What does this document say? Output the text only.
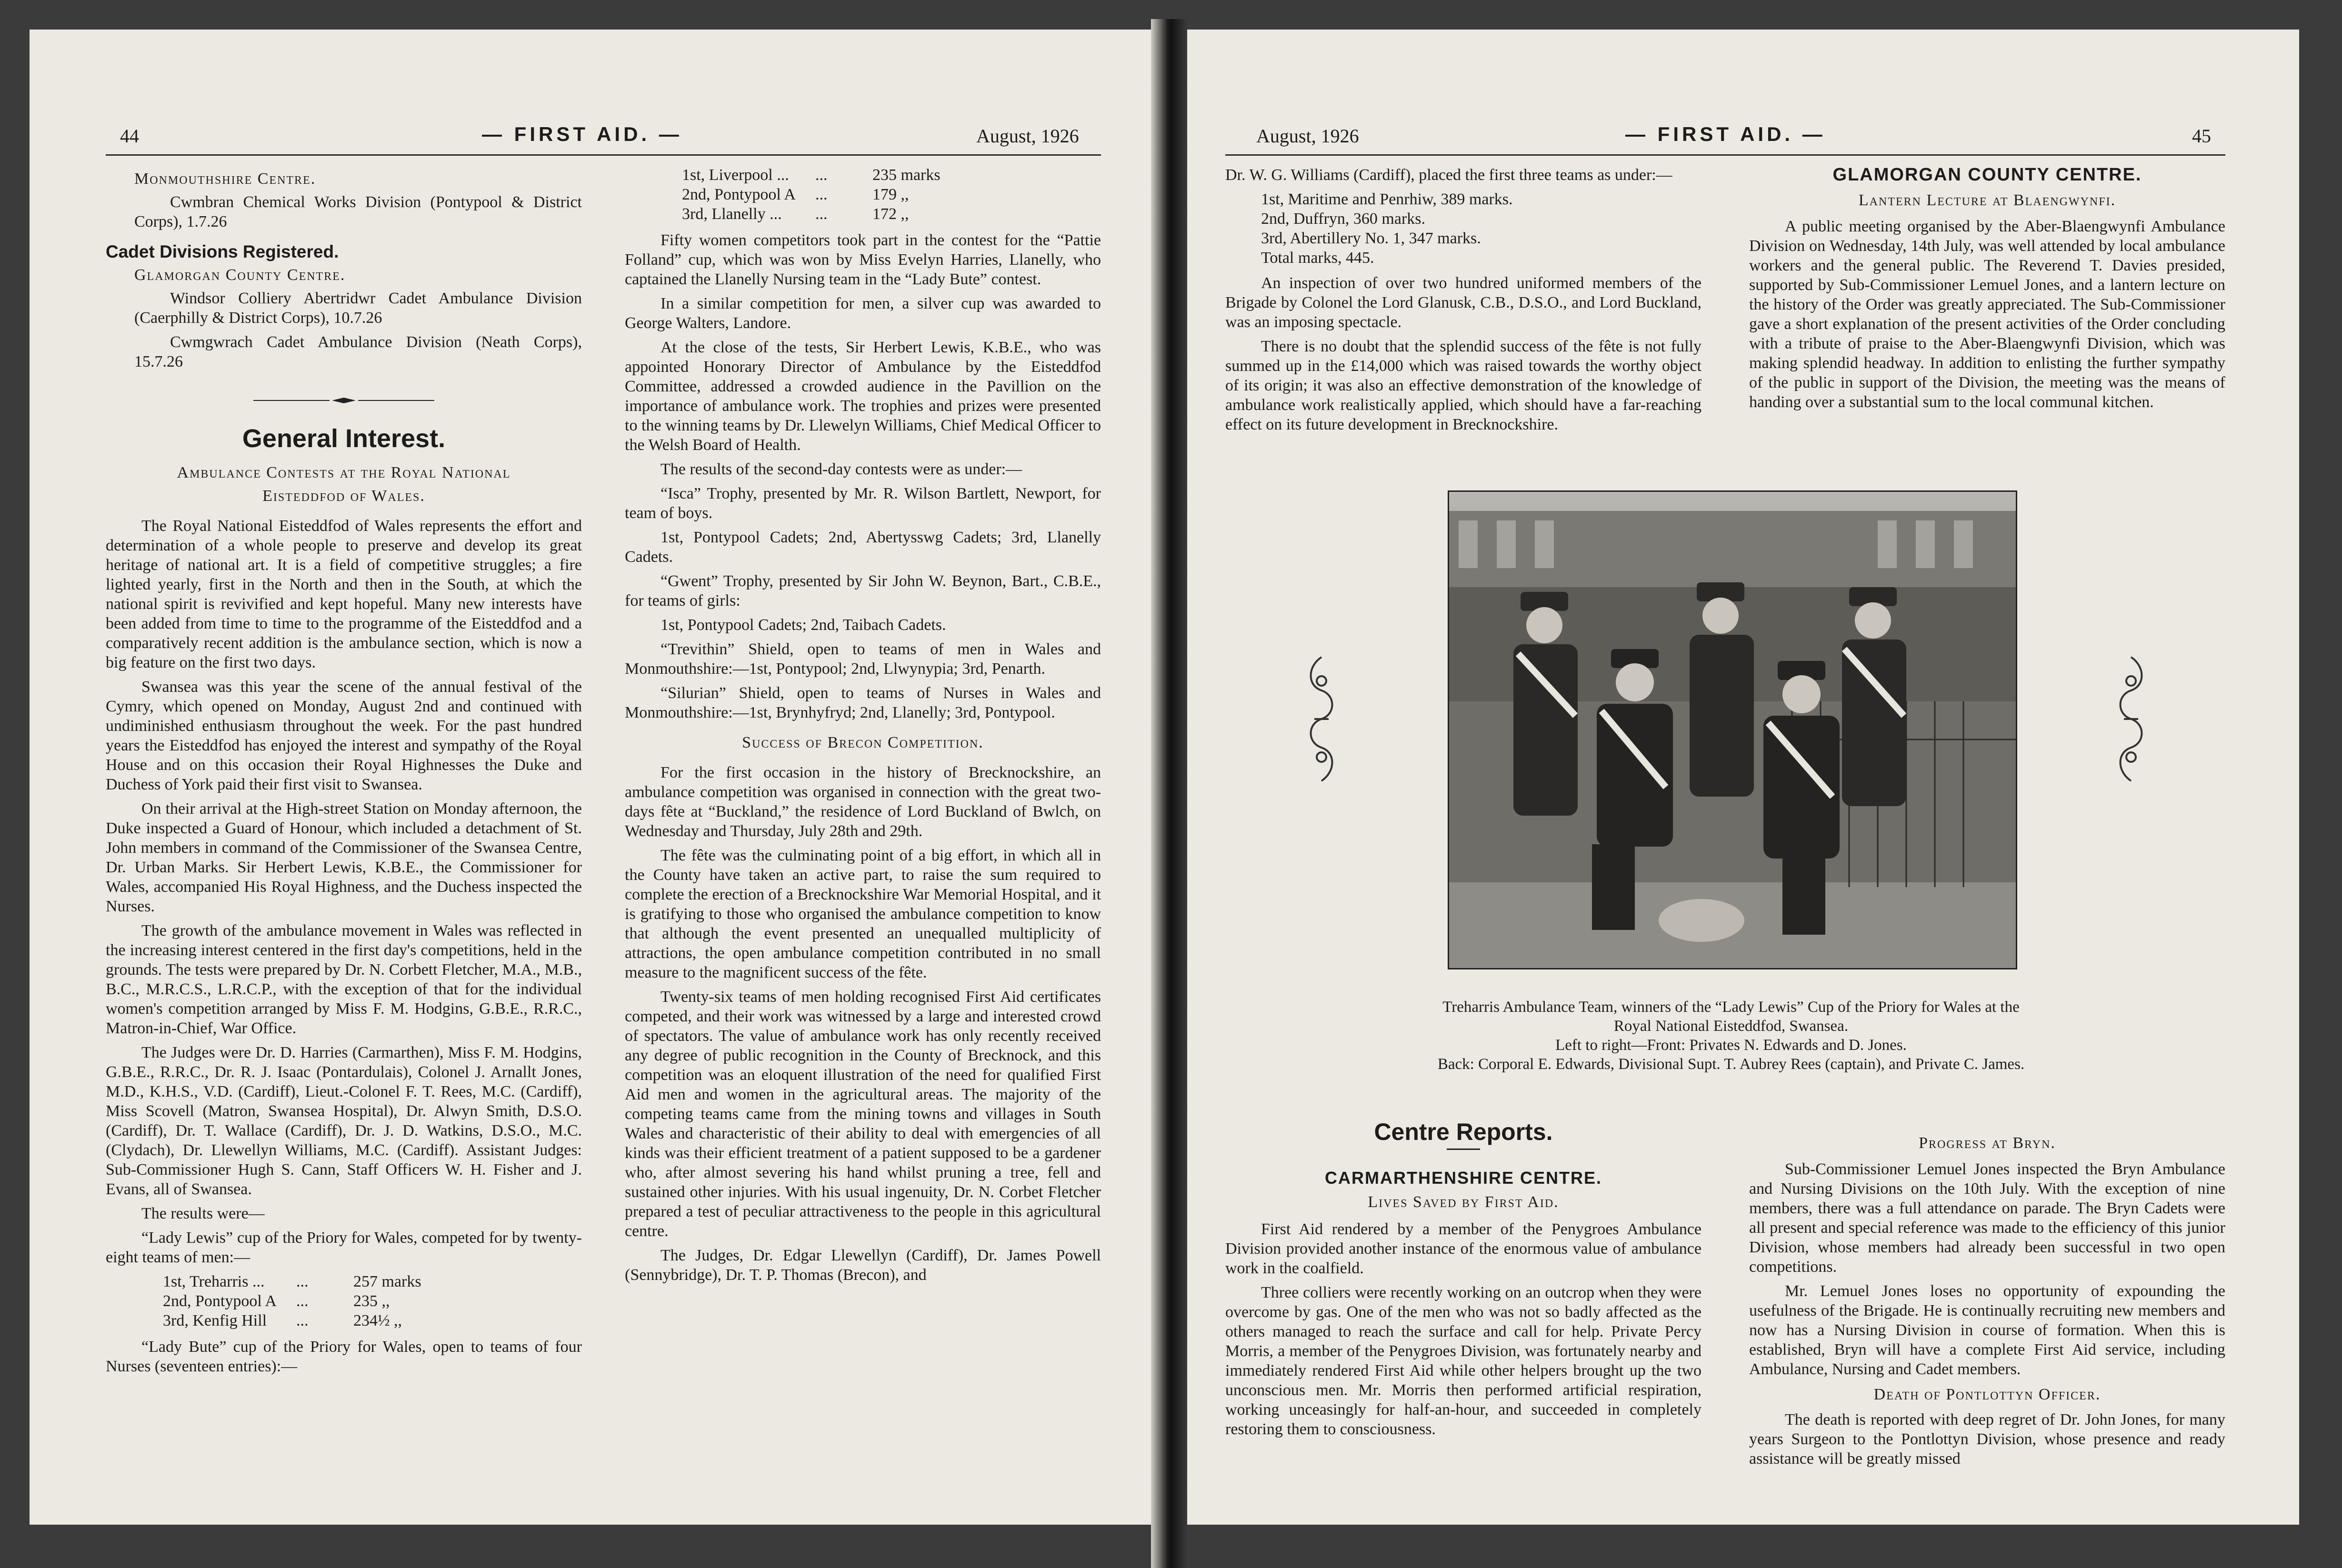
44	— FIRST AID. —	August, 1926
Monmouthshire Centre.

Cwmbran Chemical Works Division (Pontypool & District Corps), 1.7.26

Cadet Divisions Registered.
Glamorgan County Centre.

Windsor Colliery Abertridwr Cadet Ambulance Division (Caerphilly & District Corps), 10.7.26

Cwmgwrach Cadet Ambulance Division (Neath Corps), 15.7.26

General Interest.
Ambulance Contests at the Royal National
Eisteddfod of Wales.

The Royal National Eisteddfod of Wales represents the effort and determination of a whole people to preserve and develop its great heritage of national art. It is a field of competitive struggles; a fire lighted yearly, first in the North and then in the South, at which the national spirit is revivified and kept hopeful. Many new interests have been added from time to time to the programme of the Eisteddfod and a comparatively recent addition is the ambulance section, which is now a big feature on the first two days.

Swansea was this year the scene of the annual festival of the Cymry, which opened on Monday, August 2nd and continued with undiminished enthusiasm throughout the week. For the past hundred years the Eisteddfod has enjoyed the interest and sympathy of the Royal House and on this occasion their Royal Highnesses the Duke and Duchess of York paid their first visit to Swansea.

On their arrival at the High-street Station on Monday afternoon, the Duke inspected a Guard of Honour, which included a detachment of St. John members in command of the Commissioner of the Swansea Centre, Dr. Urban Marks. Sir Herbert Lewis, K.B.E., the Commissioner for Wales, accompanied His Royal Highness, and the Duchess inspected the Nurses.

The growth of the ambulance movement in Wales was reflected in the increasing interest centered in the first day's competitions, held in the grounds. The tests were prepared by Dr. N. Corbett Fletcher, M.A., M.B., B.C., M.R.C.S., L.R.C.P., with the exception of that for the individual women's competition arranged by Miss F. M. Hodgins, G.B.E., R.R.C., Matron-in-Chief, War Office.

The Judges were Dr. D. Harries (Carmarthen), Miss F. M. Hodgins, G.B.E., R.R.C., Dr. R. J. Isaac (Pontardulais), Colonel J. Arnallt Jones, M.D., K.H.S., V.D. (Cardiff), Lieut.-Colonel F. T. Rees, M.C. (Cardiff), Miss Scovell (Matron, Swansea Hospital), Dr. Alwyn Smith, D.S.O. (Cardiff), Dr. T. Wallace (Cardiff), Dr. J. D. Watkins, D.S.O., M.C. (Clydach), Dr. Llewellyn Williams, M.C. (Cardiff). Assistant Judges: Sub-Commissioner Hugh S. Cann, Staff Officers W. H. Fisher and J. Evans, all of Swansea.

The results were—

“Lady Lewis” cup of the Priory for Wales, competed for by twenty-eight teams of men:—

1st, Treharris ...	...	257 marks
2nd, Pontypool A	...	235 ,,
3rd, Kenfig Hill	...	234½ ,,

“Lady Bute” cup of the Priory for Wales, open to teams of four Nurses (seventeen entries):—

1st, Liverpool ...	...	235 marks
2nd, Pontypool A	...	179 ,,
3rd, Llanelly ...	...	172 ,,

Fifty women competitors took part in the contest for the “Pattie Folland” cup, which was won by Miss Evelyn Harries, Llanelly, who captained the Llanelly Nursing team in the “Lady Bute” contest.

In a similar competition for men, a silver cup was awarded to George Walters, Landore.

At the close of the tests, Sir Herbert Lewis, K.B.E., who was appointed Honorary Director of Ambulance by the Eisteddfod Committee, addressed a crowded audience in the Pavillion on the importance of ambulance work. The trophies and prizes were presented to the winning teams by Dr. Llewelyn Williams, Chief Medical Officer to the Welsh Board of Health.

The results of the second-day contests were as under:—

“Isca” Trophy, presented by Mr. R. Wilson Bartlett, Newport, for team of boys.

1st, Pontypool Cadets; 2nd, Abertysswg Cadets; 3rd, Llanelly Cadets.

“Gwent” Trophy, presented by Sir John W. Beynon, Bart., C.B.E., for teams of girls:

1st, Pontypool Cadets; 2nd, Taibach Cadets.

“Trevithin” Shield, open to teams of men in Wales and Monmouthshire:—1st, Pontypool; 2nd, Llwynypia; 3rd, Penarth.

“Silurian” Shield, open to teams of Nurses in Wales and Monmouthshire:—1st, Brynhyfryd; 2nd, Llanelly; 3rd, Pontypool.

Success of Brecon Competition.

For the first occasion in the history of Brecknockshire, an ambulance competition was organised in connection with the great two-days fête at “Buckland,” the residence of Lord Buckland of Bwlch, on Wednesday and Thursday, July 28th and 29th.

The fête was the culminating point of a big effort, in which all in the County have taken an active part, to raise the sum required to complete the erection of a Brecknockshire War Memorial Hospital, and it is gratifying to those who organised the ambulance competition to know that although the event presented an unequalled multiplicity of attractions, the open ambulance competition contributed in no small measure to the magnificent success of the fête.

Twenty-six teams of men holding recognised First Aid certificates competed, and their work was witnessed by a large and interested crowd of spectators. The value of ambulance work has only recently received any degree of public recognition in the County of Brecknock, and this competition was an eloquent illustration of the need for qualified First Aid men and women in the agricultural areas. The majority of the competing teams came from the mining towns and villages in South Wales and characteristic of their ability to deal with emergencies of all kinds was their efficient treatment of a patient supposed to be a gardener who, after almost severing his hand whilst pruning a tree, fell and sustained other injuries. With his usual ingenuity, Dr. N. Corbet Fletcher prepared a test of peculiar attractiveness to the people in this agricultural centre.

The Judges, Dr. Edgar Llewellyn (Cardiff), Dr. James Powell (Sennybridge), Dr. T. P. Thomas (Brecon), and

August, 1926	— FIRST AID. —	45

Dr. W. G. Williams (Cardiff), placed the first three teams as under:—

1st, Maritime and Penrhiw, 389 marks.
2nd, Duffryn, 360 marks.
3rd, Abertillery No. 1, 347 marks.
Total marks, 445.

An inspection of over two hundred uniformed members of the Brigade by Colonel the Lord Glanusk, C.B., D.S.O., and Lord Buckland, was an imposing spectacle.

There is no doubt that the splendid success of the fête is not fully summed up in the £14,000 which was raised towards the worthy object of its origin; it was also an effective demonstration of the knowledge of ambulance work realistically applied, which should have a far-reaching effect on its future development in Brecknockshire.

GLAMORGAN COUNTY CENTRE.
Lantern Lecture at Blaengwynfi.

A public meeting organised by the Aber-Blaengwynfi Ambulance Division on Wednesday, 14th July, was well attended by local ambulance workers and the general public. The Reverend T. Davies presided, supported by Sub-Commissioner Lemuel Jones, and a lantern lecture on the history of the Order was greatly appreciated. The Sub-Commissioner gave a short explanation of the present activities of the Order concluding with a tribute of praise to the Aber-Blaengwynfi Division, which was making splendid headway. In addition to enlisting the further sympathy of the public in support of the Division, the meeting was the means of handing over a substantial sum to the local communal kitchen.

Centre Reports.
CARMARTHENSHIRE CENTRE.
Lives Saved by First Aid.

First Aid rendered by a member of the Penygroes Ambulance Division provided another instance of the enormous value of ambulance work in the coalfield.

Three colliers were recently working on an outcrop when they were overcome by gas. One of the men who was not so badly affected as the others managed to reach the surface and call for help. Private Percy Morris, a member of the Penygroes Division, was fortunately nearby and immediately rendered First Aid while other helpers brought up the two unconscious men. Mr. Morris then performed artificial respiration, working unceasingly for half-an-hour, and succeeded in completely restoring them to consciousness.

Progress at Bryn.

Sub-Commissioner Lemuel Jones inspected the Bryn Ambulance and Nursing Divisions on the 10th July. With the exception of nine members, there was a full attendance on parade. The Bryn Cadets were all present and special reference was made to the efficiency of this junior Division, whose members had already been successful in two open competitions.

Mr. Lemuel Jones loses no opportunity of expounding the usefulness of the Brigade. He is continually recruiting new members and now has a Nursing Division in course of formation. When this is established, Bryn will have a complete First Aid service, including Ambulance, Nursing and Cadet members.

Death of Pontlottyn Officer.

The death is reported with deep regret of Dr. John Jones, for many years Surgeon to the Pontlottyn Division, whose presence and ready assistance will be greatly missed

Treharris Ambulance Team, winners of the “Lady Lewis” Cup of the Priory for Wales at the
Royal National Eisteddfod, Swansea.
Left to right—Front: Privates N. Edwards and D. Jones.
Back: Corporal E. Edwards, Divisional Supt. T. Aubrey Rees (captain), and Private C. James.
